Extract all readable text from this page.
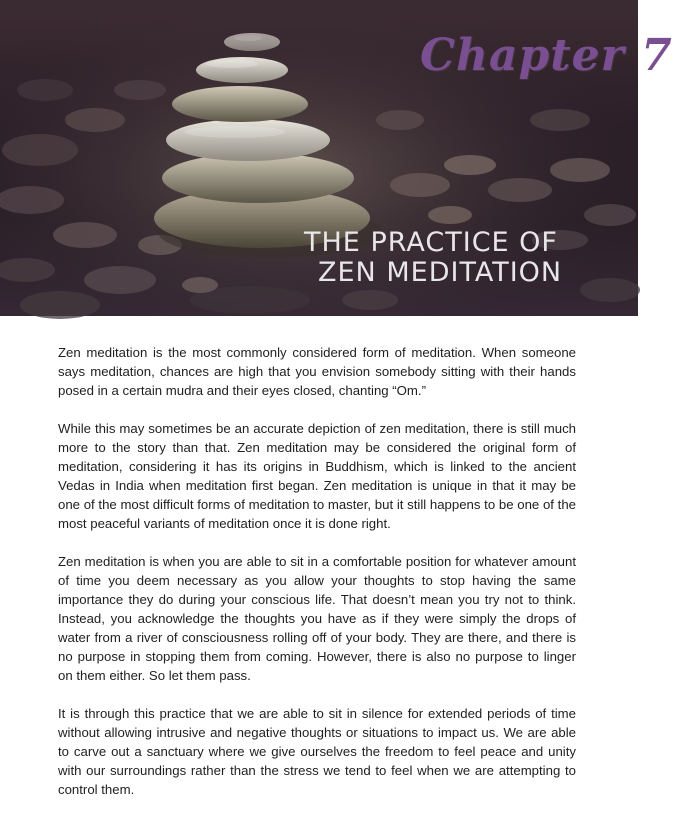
Chapter 7
THE PRACTICE OF
ZEN MEDITATION

Zen meditation is the most commonly considered form of meditation. When someone says meditation, chances are high that you envision somebody sitting with their hands posed in a certain mudra and their eyes closed, chanting “Om.”

While this may sometimes be an accurate depiction of zen meditation, there is still much more to the story than that. Zen meditation may be considered the original form of meditation, considering it has its origins in Buddhism, which is linked to the ancient Vedas in India when meditation first began. Zen meditation is unique in that it may be one of the most difficult forms of meditation to master, but it still happens to be one of the most peaceful variants of meditation once it is done right.

Zen meditation is when you are able to sit in a comfortable position for whatever amount of time you deem necessary as you allow your thoughts to stop having the same importance they do during your conscious life. That doesn’t mean you try not to think. Instead, you acknowledge the thoughts you have as if they were simply the drops of water from a river of consciousness rolling off of your body. They are there, and there is no purpose in stopping them from coming. However, there is also no purpose to linger on them either. So let them pass.

It is through this practice that we are able to sit in silence for extended periods of time without allowing intrusive and negative thoughts or situations to impact us. We are able to carve out a sanctuary where we give ourselves the freedom to feel peace and unity with our surroundings rather than the stress we tend to feel when we are attempting to control them.
